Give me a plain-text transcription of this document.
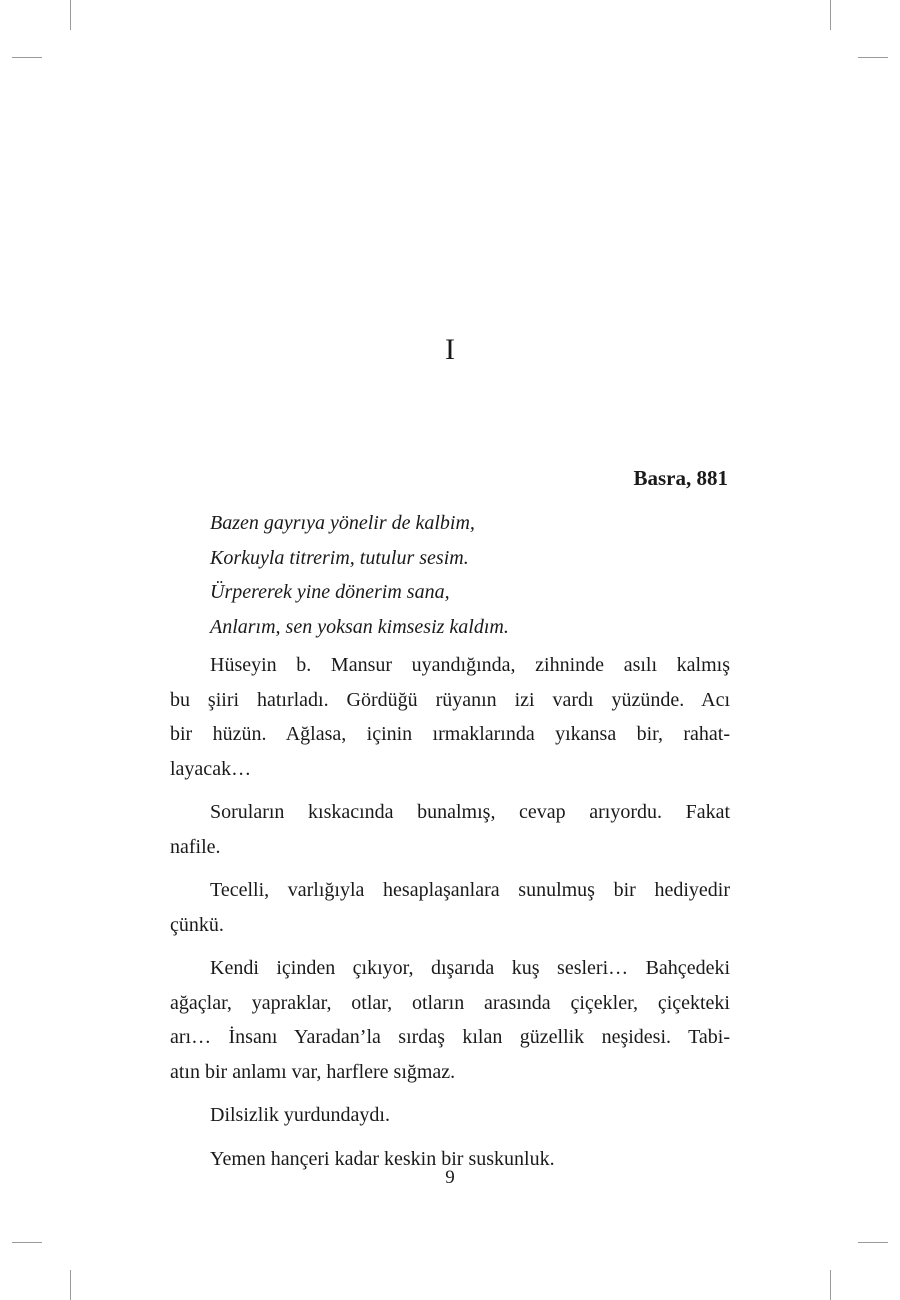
I
Basra, 881
Bazen gayrıya yönelir de kalbim,
Korkuyla titrerim, tutulur sesim.
Ürpererek yine dönerim sana,
Anlarım, sen yoksan kimsesiz kaldım.
Hüseyin b. Mansur uyandığında, zihninde asılı kalmış
bu şiiri hatırladı. Gördüğü rüyanın izi vardı yüzünde. Acı
bir hüzün. Ağlasa, içinin ırmaklarında yıkansa bir, rahat-
layacak…
Soruların kıskacında bunalmış, cevap arıyordu. Fakat
nafile.
Tecelli, varlığıyla hesaplaşanlara sunulmuş bir hediyedir
çünkü.
Kendi içinden çıkıyor, dışarıda kuş sesleri… Bahçedeki
ağaçlar, yapraklar, otlar, otların arasında çiçekler, çiçekteki
arı… İnsanı Yaradan’la sırdaş kılan güzellik neşidesi. Tabi-
atın bir anlamı var, harflere sığmaz.
Dilsizlik yurdundaydı.
Yemen hançeri kadar keskin bir suskunluk.
9
